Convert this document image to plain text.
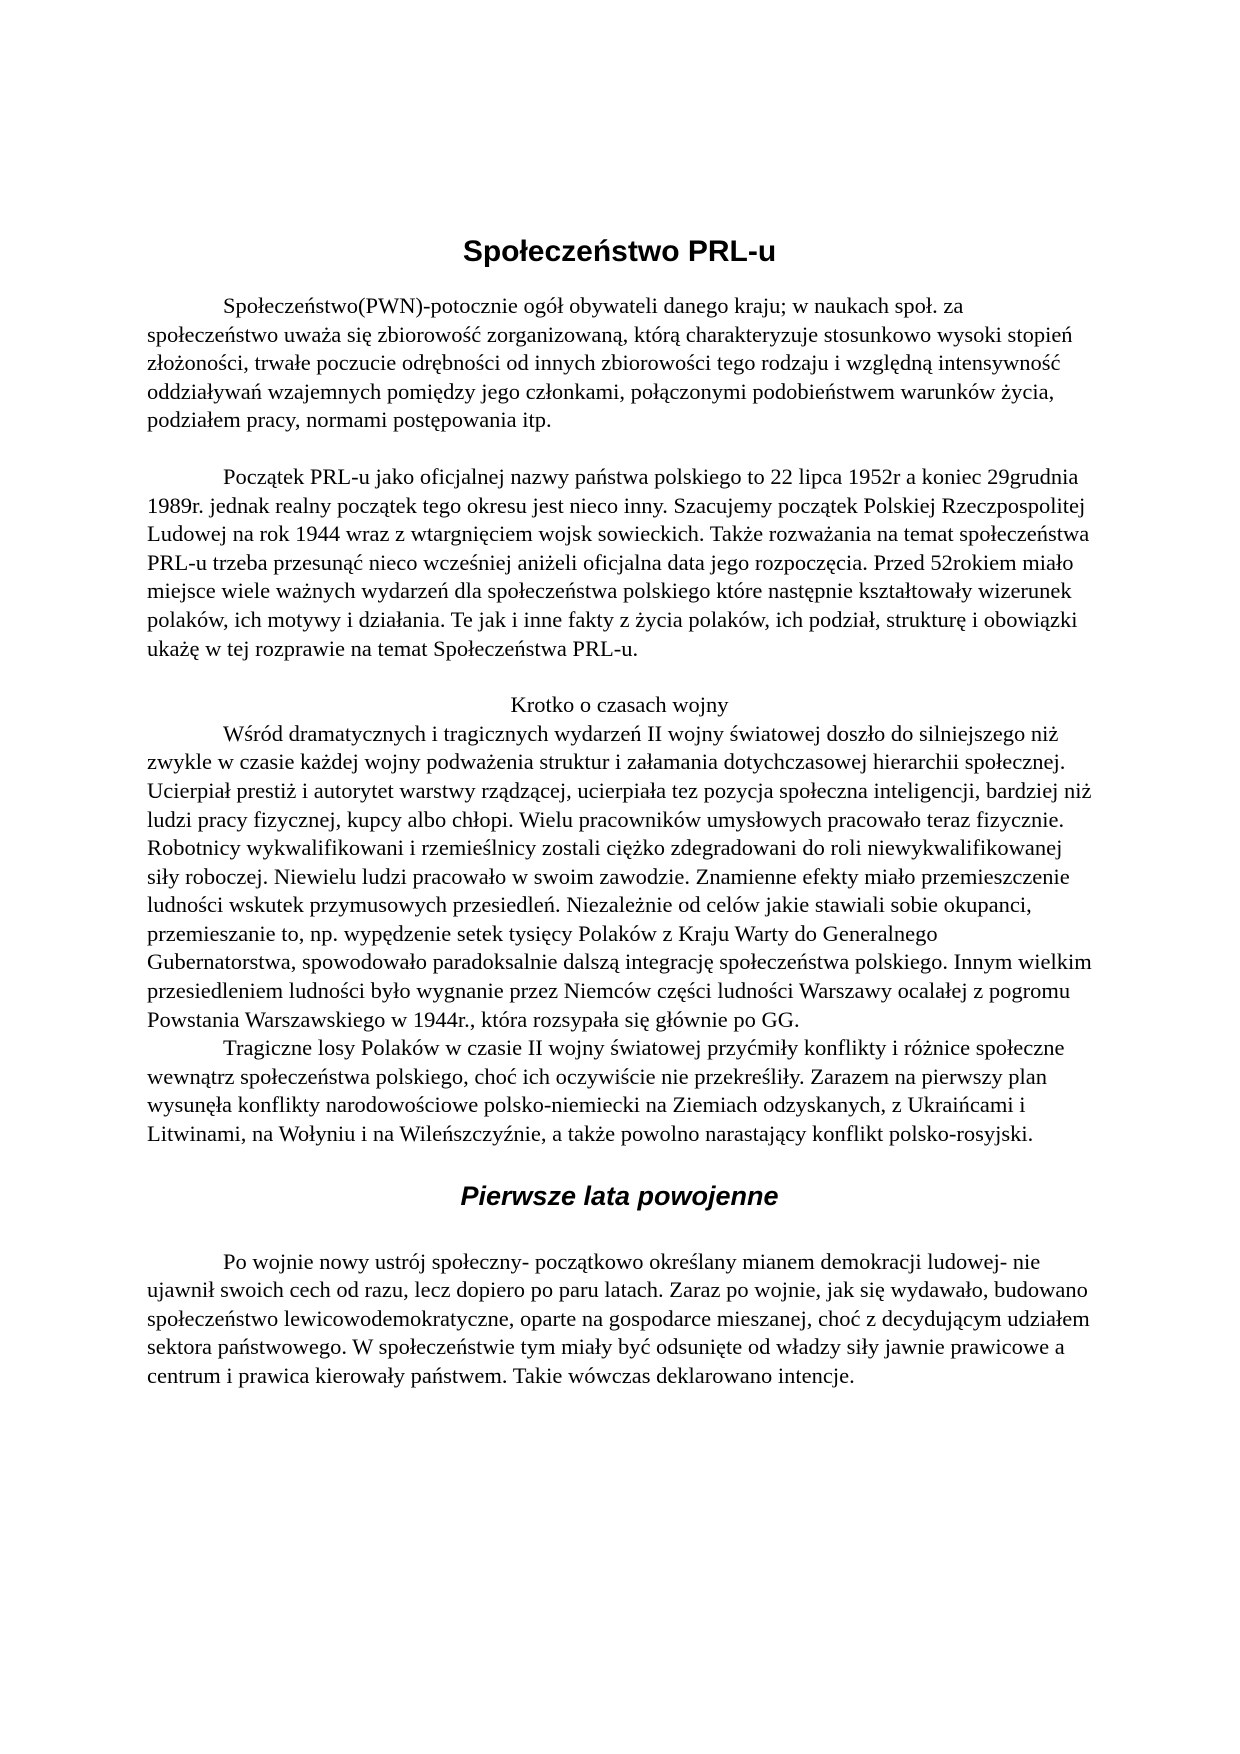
Społeczeństwo PRL-u

Społeczeństwo(PWN)-potocznie ogół obywateli danego kraju; w naukach społ. za społeczeństwo uważa się zbiorowość zorganizowaną, którą charakteryzuje stosunkowo wysoki stopień złożoności, trwałe poczucie odrębności od innych zbiorowości tego rodzaju i względną intensywność oddziaływań wzajemnych pomiędzy jego członkami, połączonymi podobieństwem warunków życia, podziałem pracy, normami postępowania itp.

Początek PRL-u jako oficjalnej nazwy państwa polskiego to 22 lipca 1952r a koniec 29grudnia 1989r. jednak realny początek tego okresu jest nieco inny. Szacujemy początek Polskiej Rzeczpospolitej Ludowej na rok 1944 wraz z wtargnięciem wojsk sowieckich. Także rozważania na temat społeczeństwa PRL-u trzeba przesunąć nieco wcześniej aniżeli oficjalna data jego rozpoczęcia. Przed 52rokiem miało miejsce wiele ważnych wydarzeń dla społeczeństwa polskiego które następnie kształtowały wizerunek polaków, ich motywy i działania. Te jak i inne fakty z życia polaków, ich podział, strukturę i obowiązki ukażę w tej rozprawie na temat Społeczeństwa PRL-u.

Krotko o czasach wojny

Wśród dramatycznych i tragicznych wydarzeń II wojny światowej doszło do silniejszego niż zwykle w czasie każdej wojny podważenia struktur i załamania dotychczasowej hierarchii społecznej. Ucierpiał prestiż i autorytet warstwy rządzącej, ucierpiała tez pozycja społeczna inteligencji, bardziej niż ludzi pracy fizycznej, kupcy albo chłopi. Wielu pracowników umysłowych pracowało teraz fizycznie. Robotnicy wykwalifikowani i rzemieślnicy zostali ciężko zdegradowani do roli niewykwalifikowanej siły roboczej. Niewielu ludzi pracowało w swoim zawodzie. Znamienne efekty miało przemieszczenie ludności wskutek przymusowych przesiedleń. Niezależnie od celów jakie stawiali sobie okupanci, przemieszanie to, np. wypędzenie setek tysięcy Polaków z Kraju Warty do Generalnego Gubernatorstwa, spowodowało paradoksalnie dalszą integrację społeczeństwa polskiego. Innym wielkim przesiedleniem ludności było wygnanie przez Niemców części ludności Warszawy ocalałej z pogromu Powstania Warszawskiego w 1944r., która rozsypała się głównie po GG.

Tragiczne losy Polaków w czasie II wojny światowej przyćmiły konflikty i różnice społeczne wewnątrz społeczeństwa polskiego, choć ich oczywiście nie przekreśliły. Zarazem na pierwszy plan wysunęła konflikty narodowościowe polsko-niemiecki na Ziemiach odzyskanych, z Ukraińcami i Litwinami, na Wołyniu i na Wileńszczyźnie, a także powolno narastający konflikt polsko-rosyjski.

Pierwsze lata powojenne

Po wojnie nowy ustrój społeczny- początkowo określany mianem demokracji ludowej- nie ujawnił swoich cech od razu, lecz dopiero po paru latach. Zaraz po wojnie, jak się wydawało, budowano społeczeństwo lewicowodemokratyczne, oparte na gospodarce mieszanej, choć z decydującym udziałem sektora państwowego. W społeczeństwie tym miały być odsunięte od władzy siły jawnie prawicowe a centrum i prawica kierowały państwem. Takie wówczas deklarowano intencje.
